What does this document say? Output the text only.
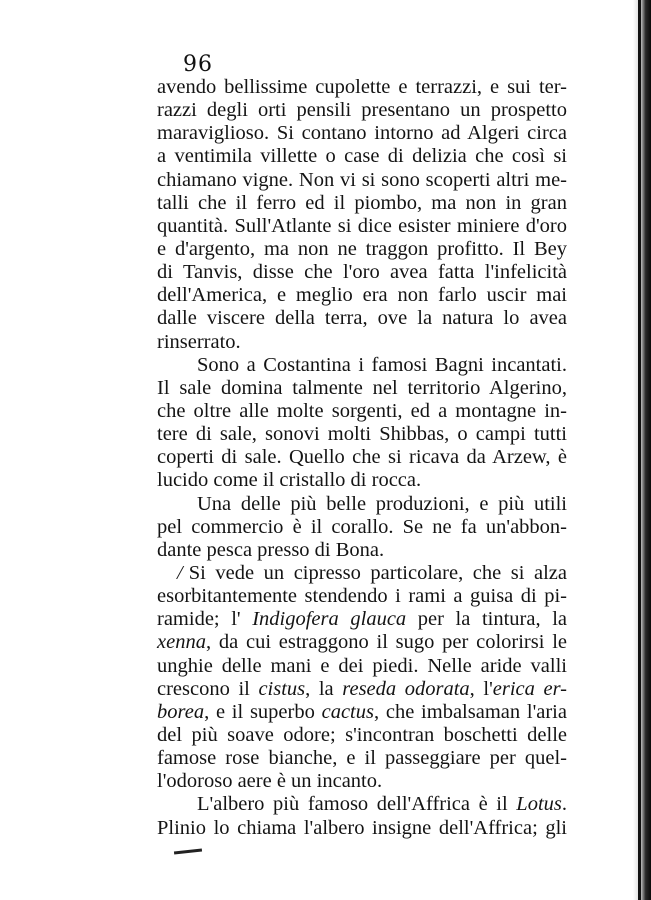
96
avendo bellissime cupolette e terrazzi, e sui ter-
razzi degli orti pensili presentano un prospetto
maraviglioso. Si contano intorno ad Algeri circa
a ventimila villette o case di delizia che così si
chiamano vigne. Non vi si sono scoperti altri me-
talli che il ferro ed il piombo, ma non in gran
quantità. Sull'Atlante si dice esister miniere d'oro
e d'argento, ma non ne traggon profitto. Il Bey
di Tanvis, disse che l'oro avea fatta l'infelicità
dell'America, e meglio era non farlo uscir mai
dalle viscere della terra, ove la natura lo avea
rinserrato.
Sono a Costantina i famosi Bagni incantati.
Il sale domina talmente nel territorio Algerino,
che oltre alle molte sorgenti, ed a montagne in-
tere di sale, sonovi molti Shibbas, o campi tutti
coperti di sale. Quello che si ricava da Arzew, è
lucido come il cristallo di rocca.
Una delle più belle produzioni, e più utili
pel commercio è il corallo. Se ne fa un'abbon-
dante pesca presso di Bona.
/ Si vede un cipresso particolare, che si alza
esorbitantemente stendendo i rami a guisa di pi-
ramide; l' Indigofera glauca per la tintura, la
xenna, da cui estraggono il sugo per colorirsi le
unghie delle mani e dei piedi. Nelle aride valli
crescono il cistus, la reseda odorata, l'erica er-
borea, e il superbo cactus, che imbalsaman l'aria
del più soave odore; s'incontran boschetti delle
famose rose bianche, e il passeggiare per quel-
l'odoroso aere è un incanto.
L'albero più famoso dell'Affrica è il Lotus.
Plinio lo chiama l'albero insigne dell'Affrica; gli
